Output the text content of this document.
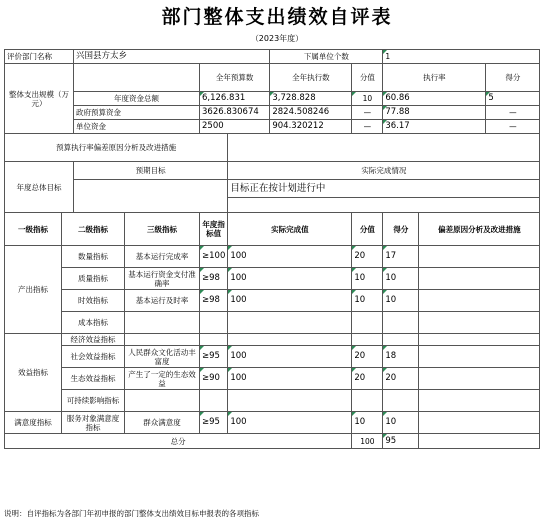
部门整体支出绩效自评表
（2023年度）
评价部门名称		兴国县方太乡				下属单位个数		1		
整体支出规模（万元）				全年预算数		全年执行数	分值	执行率		得分
		年度资金总额		6,126.831		3,728.828	10	60.86		5
		政府预算资金		3626.830674		2824.508246	—	77.88		—
		单位资金		2500		904.320212	—	36.17		—
预算执行率偏差原因分析及改进措施										
年度总体目标		预期目标			实际完成情况					
					目标正在按计划进行中					

一级指标	二级指标		三级指标	年度指标值	实际完成值		分值	得分	偏差原因分析及改进措施	
产出指标	数量指标		基本运行完成率	≥100	100		20	17		
	质量指标		基本运行资金支付准确率	≥98	100		10	10		
	时效指标		基本运行及时率	≥98	100		10	10		
	成本指标									
效益指标	经济效益指标									
	社会效益指标		人民群众文化活动丰富度	≥95	100		20	18		
	生态效益指标		产生了一定的生态效益	≥90	100		20	20		
	可持续影响指标									
满意度指标	服务对象满意度指标		群众满意度	≥95	100		10	10		
总分							100	95		
说明：自评指标为各部门年初申报的部门整体支出绩效目标申报表的各项指标
